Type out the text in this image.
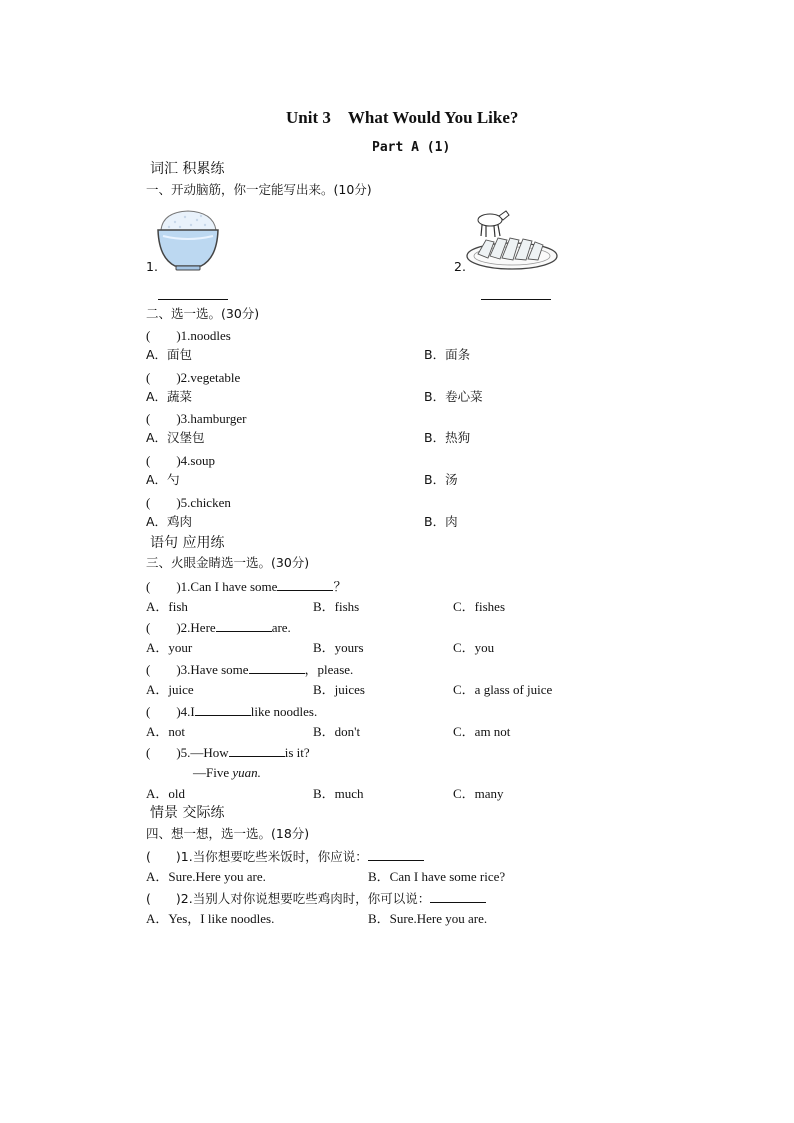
Unit 3　What Would You Like?
Part A (1)
词汇 积累练
一、开动脑筋，你一定能写出来。(10分)
1.	2.
二、选一选。(30分)
(　　)1.noodles
A．面包	B．面条
(　　)2.vegetable
A．蔬菜	B．卷心菜
(　　)3.hamburger
A．汉堡包	B．热狗
(　　)4.soup
A．勺	B．汤
(　　)5.chicken
A．鸡肉	B．肉
语句 应用练
三、火眼金睛选一选。(30分)
(　　)1.Can I have some	？
A．fish	B．fishs	C．fishes
(　　)2.Here	are.
A．your	B．yours	C．you
(　　)3.Have some	，please.
A．juice	B．juices	C．a glass of juice
(　　)4.I	like noodles.
A．not	B．don't	C．am not
(　　)5.—How	is it?
—Five yuan.
A．old	B．much	C．many
情景 交际练
四、想一想，选一选。(18分)
(　　)1.当你想要吃些米饭时，你应说：
A．Sure.Here you are.	B．Can I have some rice?
(　　)2.当别人对你说想要吃些鸡肉时，你可以说：
A．Yes，I like noodles.	B．Sure.Here you are.
